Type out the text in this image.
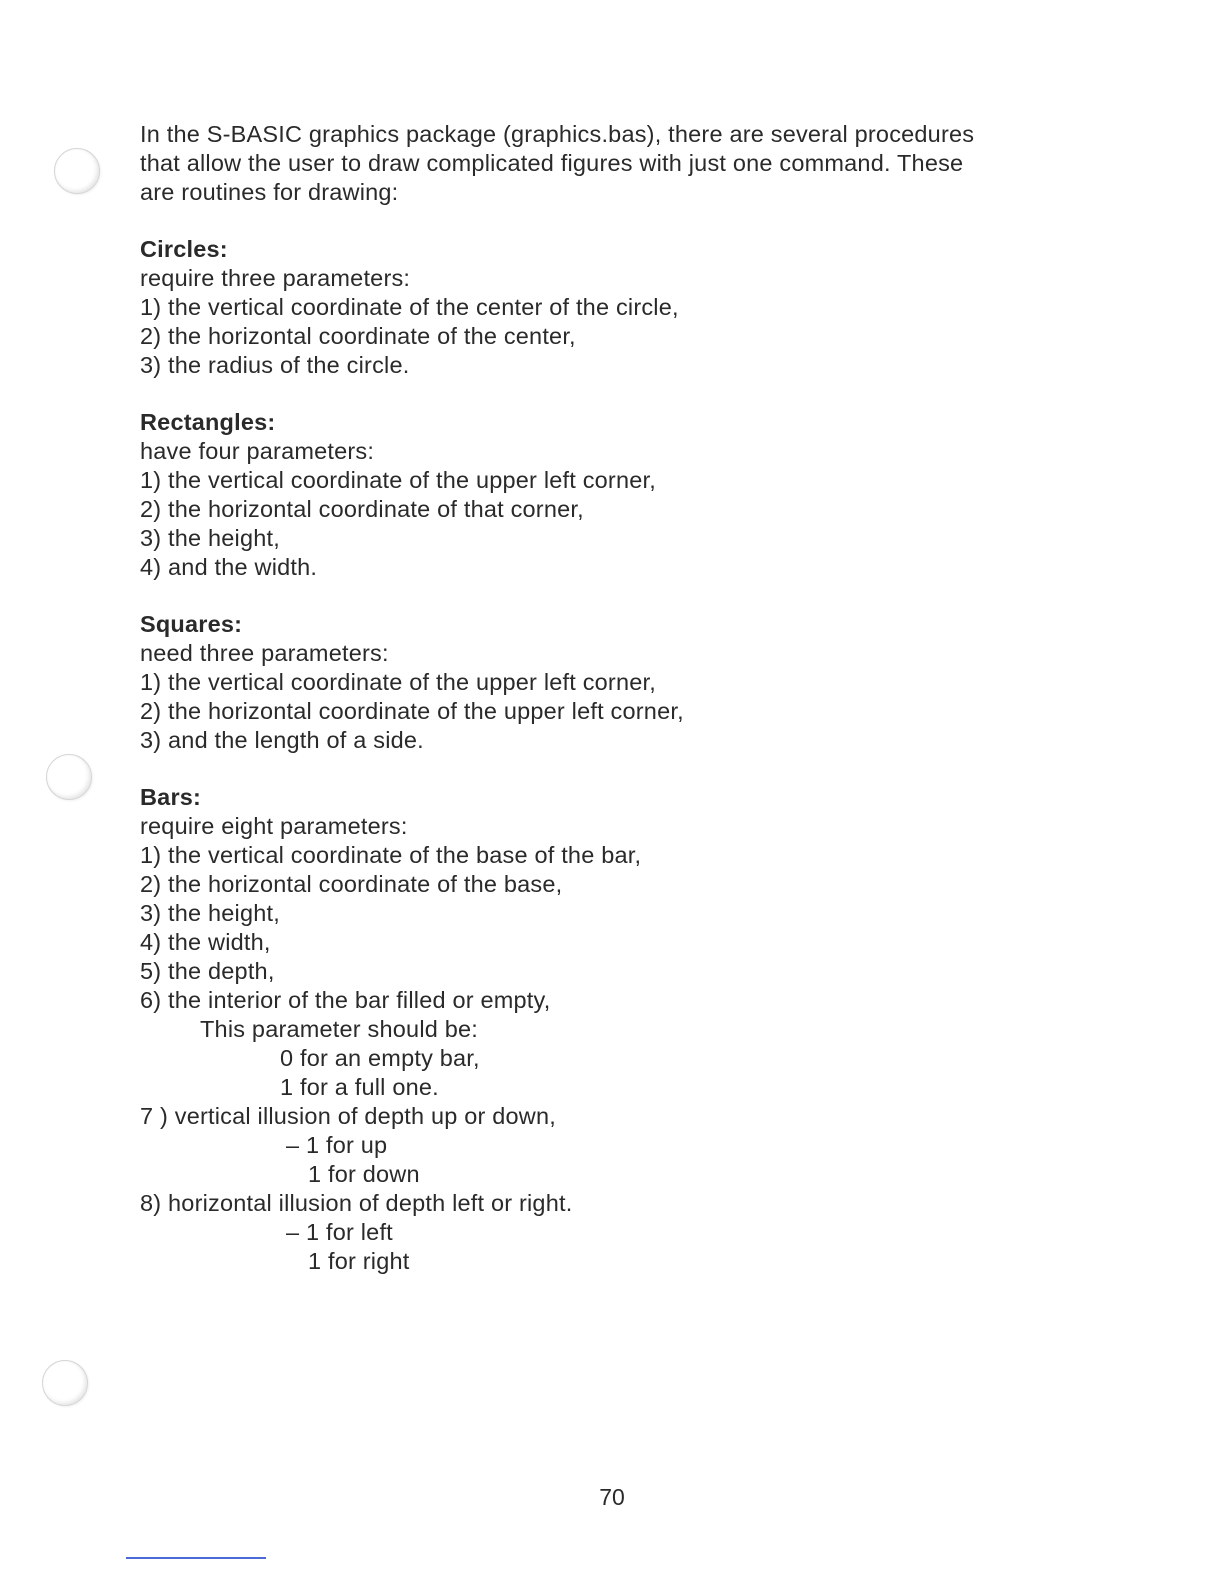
In the S-BASIC graphics package (graphics.bas), there are several procedures
that allow the user to draw complicated figures with just one command. These
are routines for drawing:
Circles:
require three parameters:
1) the vertical coordinate of the center of the circle,
2) the horizontal coordinate of the center,
3) the radius of the circle.
Rectangles:
have four parameters:
1) the vertical coordinate of the upper left corner,
2) the horizontal coordinate of that corner,
3) the height,
4) and the width.
Squares:
need three parameters:
1) the vertical coordinate of the upper left corner,
2) the horizontal coordinate of the upper left corner,
3) and the length of a side.
Bars:
require eight parameters:
1) the vertical coordinate of the base of the bar,
2) the horizontal coordinate of the base,
3) the height,
4) the width,
5) the depth,
6) the interior of the bar filled or empty,
This parameter should be:
0 for an empty bar,
1 for a full one.
7 ) vertical illusion of depth up or down,
– 1 for up
1 for down
8) horizontal illusion of depth left or right.
– 1 for left
1 for right
70
